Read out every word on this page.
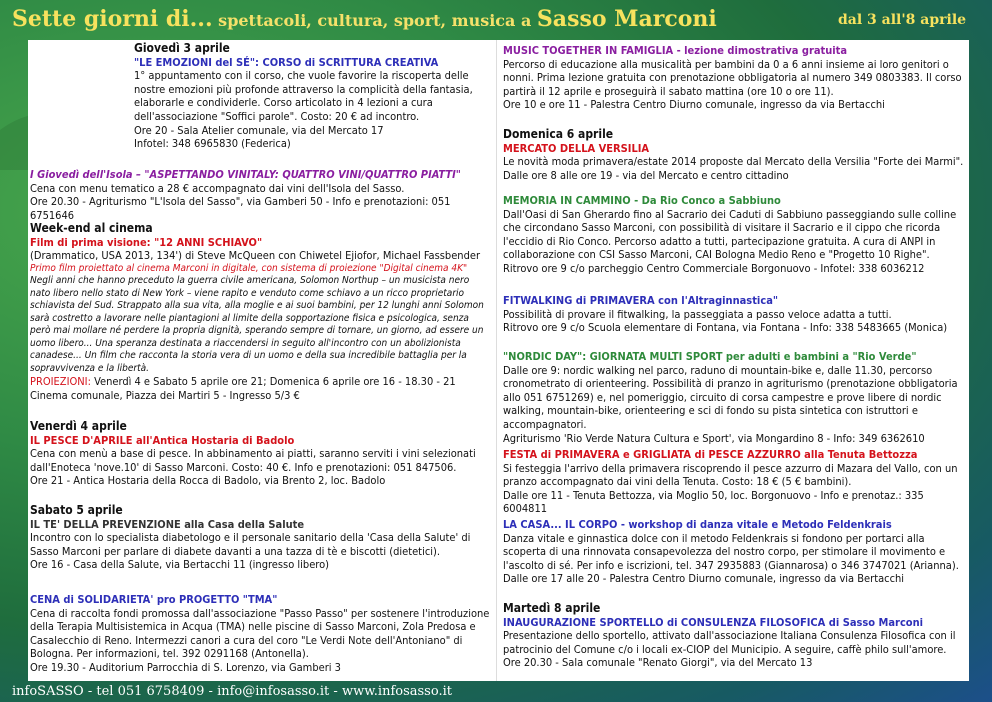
Sette giorni di... spettacoli, cultura, sport, musica a Sasso Marconi	dal 3 all'8 aprile
Giovedì 3 aprile
"LE EMOZIONI del SÉ": CORSO di SCRITTURA CREATIVA
1° appuntamento con il corso, che vuole favorire la riscoperta delle nostre emozioni più profonde attraverso la complicità della fantasia, elaborarle e condividerle. Corso articolato in 4 lezioni a cura dell'associazione "Soffici parole". Costo: 20 € ad incontro.
Ore 20 - Sala Atelier comunale, via del Mercato 17
Infotel: 348 6965830 (Federica)
I Giovedì dell'Isola – "ASPETTANDO VINITALY: QUATTRO VINI/QUATTRO PIATTI"
Cena con menu tematico a 28 € accompagnato dai vini dell'Isola del Sasso.
Ore 20.30 - Agriturismo "L'Isola del Sasso", via Gamberi 50 - Info e prenotazioni: 051 6751646
Week-end al cinema
Film di prima visione: "12 ANNI SCHIAVO"
(Drammatico, USA 2013, 134') di Steve McQueen con Chiwetel Ejiofor, Michael Fassbender
Primo film proiettato al cinema Marconi in digitale, con sistema di proiezione "Digital cinema 4K"
Negli anni che hanno preceduto la guerra civile americana, Solomon Northup – un musicista nero nato libero nello stato di New York – viene rapito e venduto come schiavo a un ricco proprietario schiavista del Sud. Strappato alla sua vita, alla moglie e ai suoi bambini, per 12 lunghi anni Solomon sarà costretto a lavorare nelle piantagioni al limite della sopportazione fisica e psicologica, senza però mai mollare né perdere la propria dignità, sperando sempre di tornare, un giorno, ad essere un uomo libero... Una speranza destinata a riaccendersi in seguito all'incontro con un abolizionista canadese... Un film che racconta la storia vera di un uomo e della sua incredibile battaglia per la sopravvivenza e la libertà.
PROIEZIONI: Venerdì 4 e Sabato 5 aprile ore 21; Domenica 6 aprile ore 16 - 18.30 - 21
Cinema comunale, Piazza dei Martiri 5 - Ingresso 5/3 €
Venerdì 4 aprile
IL PESCE D'APRILE all'Antica Hostaria di Badolo
Cena con menù a base di pesce. In abbinamento ai piatti, saranno serviti i vini selezionati dall'Enoteca 'nove.10' di Sasso Marconi. Costo: 40 €. Info e prenotazioni: 051 847506.
Ore 21 - Antica Hostaria della Rocca di Badolo, via Brento 2, loc. Badolo
Sabato 5 aprile
IL TE' DELLA PREVENZIONE alla Casa della Salute
Incontro con lo specialista diabetologo e il personale sanitario della 'Casa della Salute' di Sasso Marconi per parlare di diabete davanti a una tazza di tè e biscotti (dietetici).
Ore 16 - Casa della Salute, via Bertacchi 11 (ingresso libero)
CENA di SOLIDARIETA' pro PROGETTO "TMA"
Cena di raccolta fondi promossa dall'associazione "Passo Passo" per sostenere l'introduzione della Terapia Multisistemica in Acqua (TMA) nelle piscine di Sasso Marconi, Zola Predosa e Casalecchio di Reno. Intermezzi canori a cura del coro "Le Verdi Note dell'Antoniano" di Bologna. Per informazioni, tel. 392 0291168 (Antonella).
Ore 19.30 - Auditorium Parrocchia di S. Lorenzo, via Gamberi 3
MUSIC TOGETHER IN FAMIGLIA - lezione dimostrativa gratuita
Percorso di educazione alla musicalità per bambini da 0 a 6 anni insieme ai loro genitori o nonni. Prima lezione gratuita con prenotazione obbligatoria al numero 349 0803383. Il corso partirà il 12 aprile e proseguirà il sabato mattina (ore 10 o ore 11).
Ore 10 e ore 11 - Palestra Centro Diurno comunale, ingresso da via Bertacchi
Domenica 6 aprile
MERCATO DELLA VERSILIA
Le novità moda primavera/estate 2014 proposte dal Mercato della Versilia "Forte dei Marmi".
Dalle ore 8 alle ore 19 - via del Mercato e centro cittadino
MEMORIA IN CAMMINO - Da Rio Conco a Sabbiuno
Dall'Oasi di San Gherardo fino al Sacrario dei Caduti di Sabbiuno passeggiando sulle colline che circondano Sasso Marconi, con possibilità di visitare il Sacrario e il cippo che ricorda l'eccidio di Rio Conco. Percorso adatto a tutti, partecipazione gratuita. A cura di ANPI in collaborazione con CSI Sasso Marconi, CAI Bologna Medio Reno e "Progetto 10 Righe". Ritrovo ore 9 c/o parcheggio Centro Commerciale Borgonuovo - Infotel: 338 6036212
FITWALKING di PRIMAVERA con l'Altraginnastica"
Possibilità di provare il fitwalking, la passeggiata a passo veloce adatta a tutti.
Ritrovo ore 9 c/o Scuola elementare di Fontana, via Fontana - Info: 338 5483665 (Monica)
"NORDIC DAY": GIORNATA MULTI SPORT per adulti e bambini a "Rio Verde"
Dalle ore 9: nordic walking nel parco, raduno di mountain-bike e, dalle 11.30, percorso cronometrato di orienteering. Possibilità di pranzo in agriturismo (prenotazione obbligatoria allo 051 6751269) e, nel pomeriggio, circuito di corsa campestre e prove libere di nordic walking, mountain-bike, orienteering e sci di fondo su pista sintetica con istruttori e accompagnatori.
Agriturismo 'Rio Verde Natura Cultura e Sport', via Mongardino 8 - Info: 349 6362610
FESTA di PRIMAVERA e GRIGLIATA di PESCE AZZURRO alla Tenuta Bettozza
Si festeggia l'arrivo della primavera riscoprendo il pesce azzurro di Mazara del Vallo, con un pranzo accompagnato dai vini della Tenuta. Costo: 18 € (5 € bambini).
Dalle ore 11 - Tenuta Bettozza, via Moglio 50, loc. Borgonuovo - Info e prenotaz.: 335 6004811
LA CASA... IL CORPO - workshop di danza vitale e Metodo Feldenkrais
Danza vitale e ginnastica dolce con il metodo Feldenkrais si fondono per portarci alla scoperta di una rinnovata consapevolezza del nostro corpo, per stimolare il movimento e l'ascolto di sé. Per info e iscrizioni, tel. 347 2935883 (Giannarosa) o 346 3747021 (Arianna).
Dalle ore 17 alle 20 - Palestra Centro Diurno comunale, ingresso da via Bertacchi
Martedì 8 aprile
INAUGURAZIONE SPORTELLO di CONSULENZA FILOSOFICA di Sasso Marconi
Presentazione dello sportello, attivato dall'associazione Italiana Consulenza Filosofica con il patrocinio del Comune c/o i locali ex-CIOP del Municipio. A seguire, caffè philo sull'amore.
Ore 20.30 - Sala comunale "Renato Giorgi", via del Mercato 13
infoSASSO - tel 051 6758409 - info@infosasso.it - www.infosasso.it
